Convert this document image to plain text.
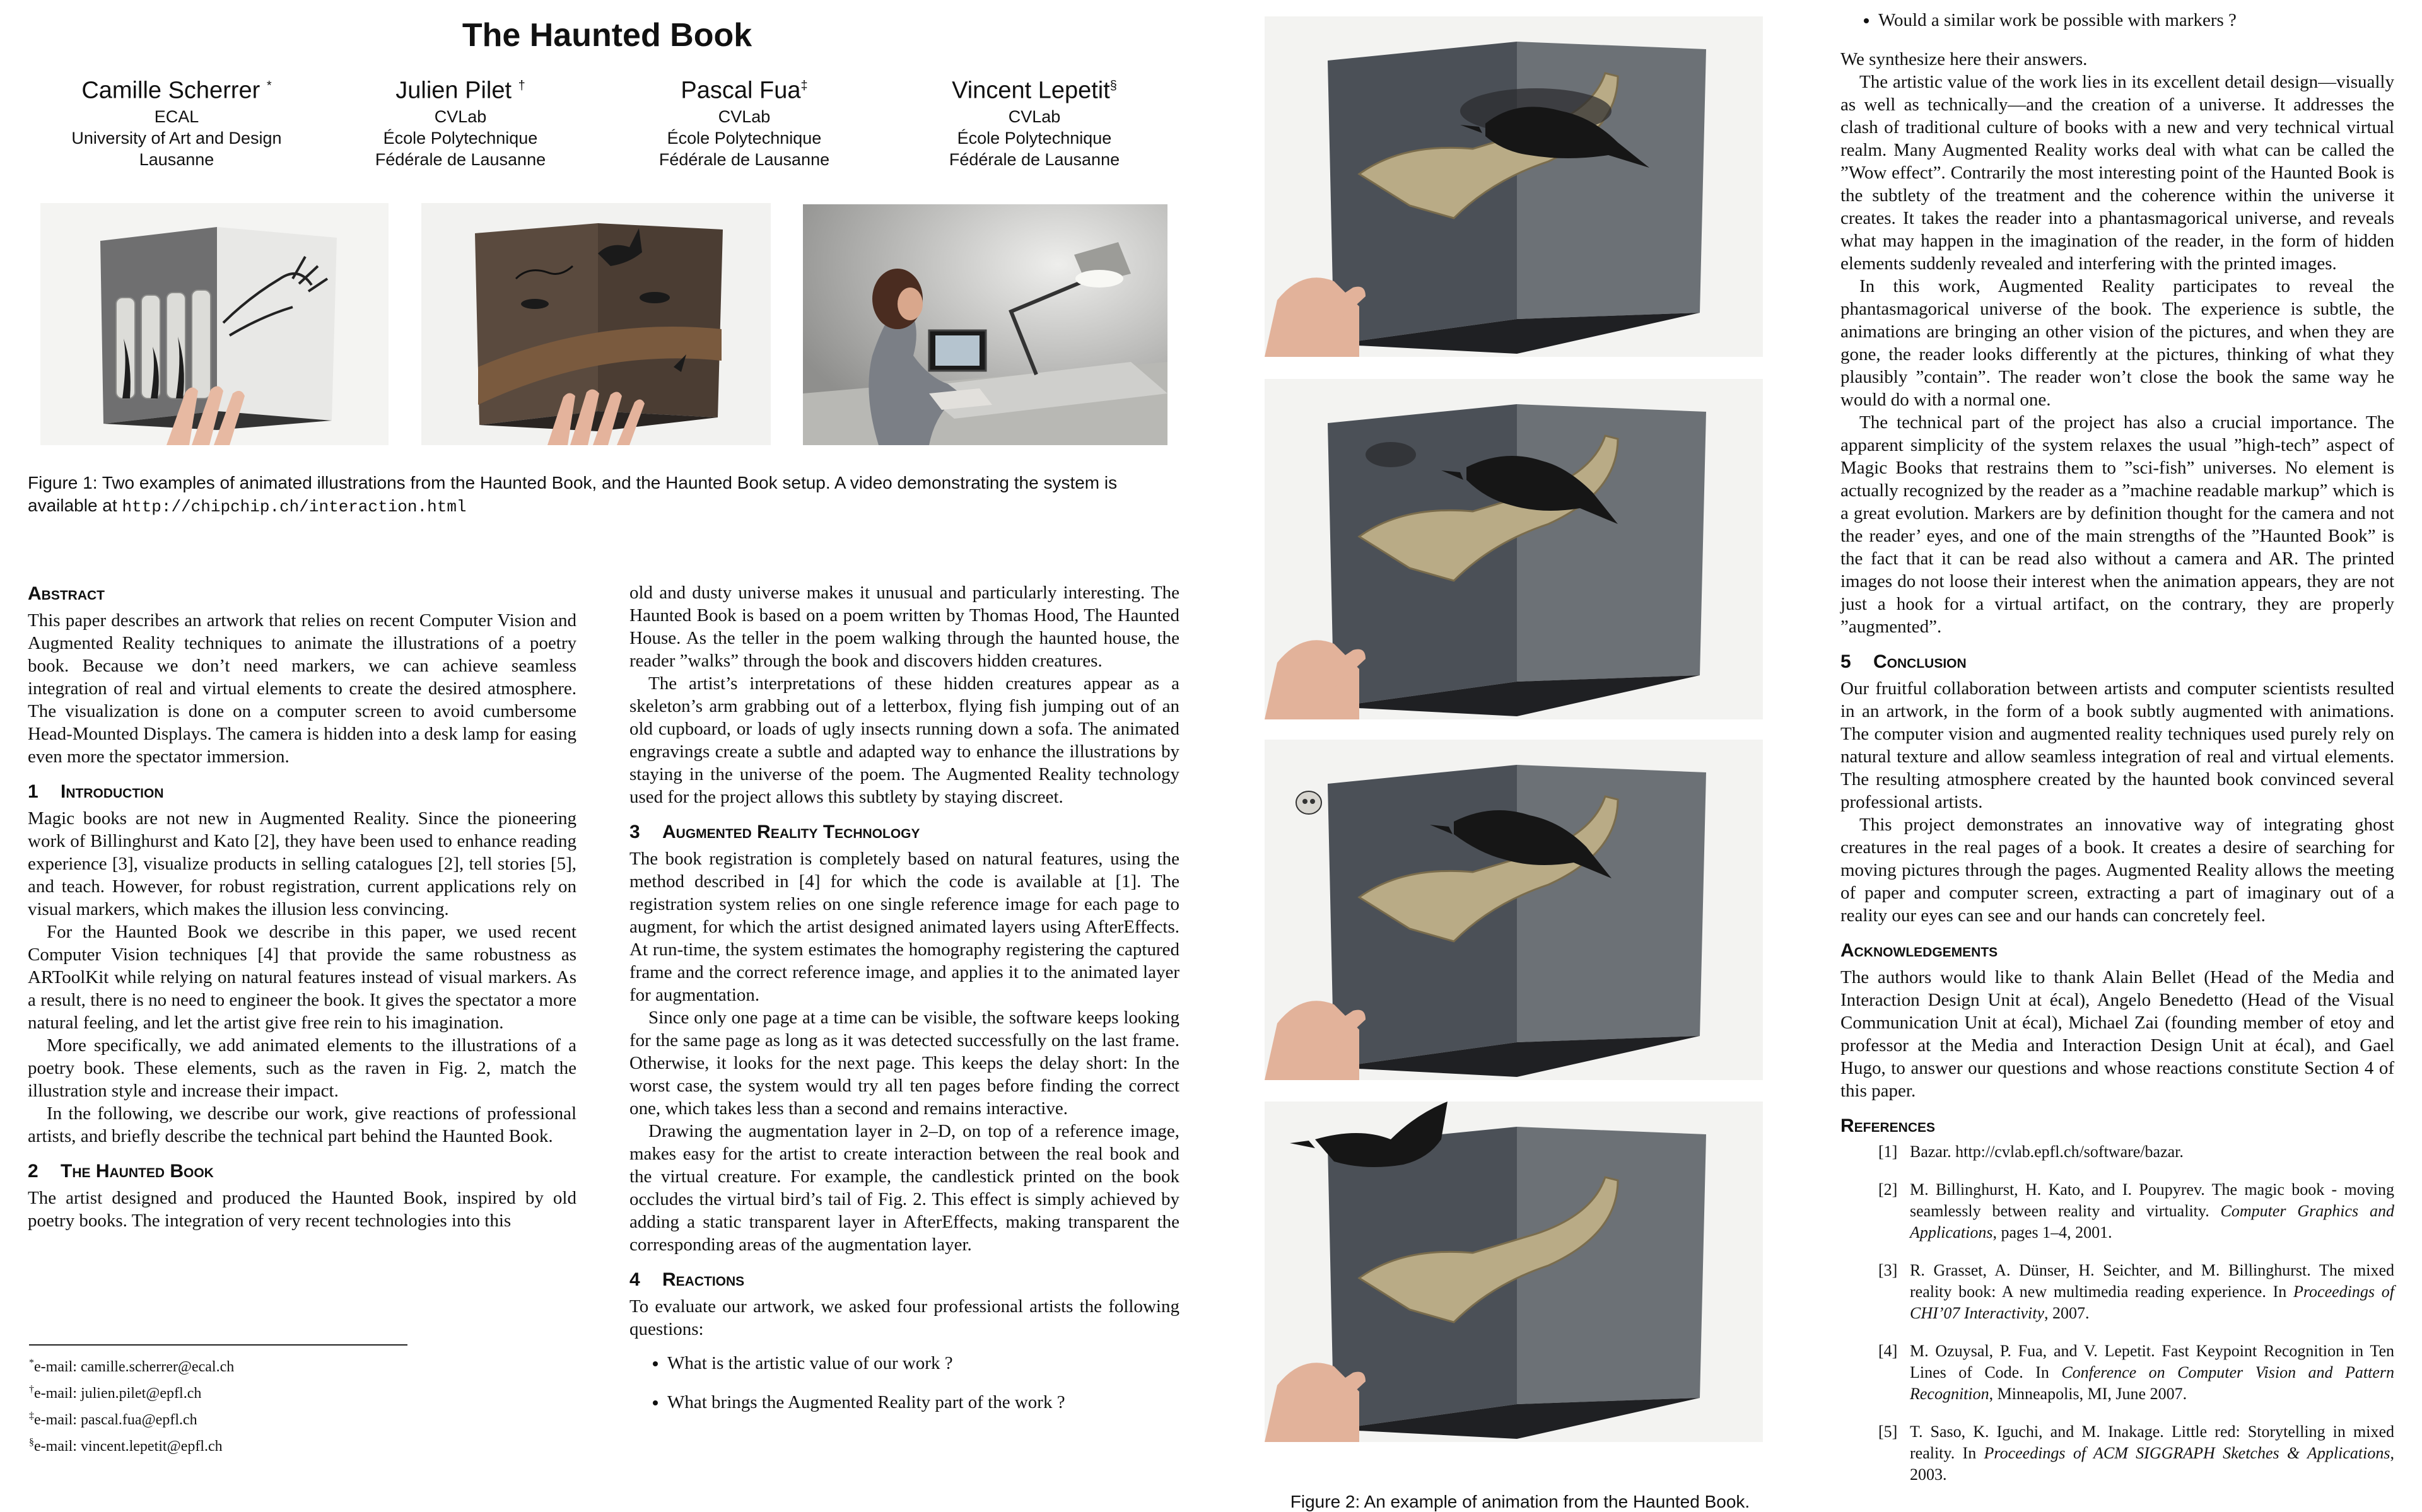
The Haunted Book
Camille Scherrer *
ECAL
University of Art and Design
Lausanne
Julien Pilet †
CVLab
École Polytechnique
Fédérale de Lausanne
Pascal Fua‡
CVLab
École Polytechnique
Fédérale de Lausanne
Vincent Lepetit§
CVLab
École Polytechnique
Fédérale de Lausanne
Figure 1: Two examples of animated illustrations from the Haunted Book, and the Haunted Book setup. A video demonstrating the system is available at http://chipchip.ch/interaction.html
Abstract

This paper describes an artwork that relies on recent Computer Vision and Augmented Reality techniques to animate the illustrations of a poetry book. Because we don’t need markers, we can achieve seamless integration of real and virtual elements to create the desired atmosphere. The visualization is done on a computer screen to avoid cumbersome Head-Mounted Displays. The camera is hidden into a desk lamp for easing even more the spectator immersion.

1 Introduction

Magic books are not new in Augmented Reality. Since the pioneering work of Billinghurst and Kato [2], they have been used to enhance reading experience [3], visualize products in selling catalogues [2], tell stories [5], and teach. However, for robust registration, current applications rely on visual markers, which makes the illusion less convincing.

For the Haunted Book we describe in this paper, we used recent Computer Vision techniques [4] that provide the same robustness as ARToolKit while relying on natural features instead of visual markers. As a result, there is no need to engineer the book. It gives the spectator a more natural feeling, and let the artist give free rein to his imagination.

More specifically, we add animated elements to the illustrations of a poetry book. These elements, such as the raven in Fig. 2, match the illustration style and increase their impact.

In the following, we describe our work, give reactions of professional artists, and briefly describe the technical part behind the Haunted Book.

2 The Haunted Book

The artist designed and produced the Haunted Book, inspired by old poetry books. The integration of very recent technologies into this

*e-mail: camille.scherrer@ecal.ch
†e-mail: julien.pilet@epfl.ch
‡e-mail: pascal.fua@epfl.ch
§e-mail: vincent.lepetit@epfl.ch

old and dusty universe makes it unusual and particularly interesting. The Haunted Book is based on a poem written by Thomas Hood, The Haunted House. As the teller in the poem walking through the haunted house, the reader ”walks” through the book and discovers hidden creatures.

The artist’s interpretations of these hidden creatures appear as a skeleton’s arm grabbing out of a letterbox, flying fish jumping out of an old cupboard, or loads of ugly insects running down a sofa. The animated engravings create a subtle and adapted way to enhance the illustrations by staying in the universe of the poem. The Augmented Reality technology used for the project allows this subtlety by staying discreet.

3 Augmented Reality Technology

The book registration is completely based on natural features, using the method described in [4] for which the code is available at [1]. The registration system relies on one single reference image for each page to augment, for which the artist designed animated layers using AfterEffects. At run-time, the system estimates the homography registering the captured frame and the correct reference image, and applies it to the animated layer for augmentation.

Since only one page at a time can be visible, the software keeps looking for the same page as long as it was detected successfully on the last frame. Otherwise, it looks for the next page. This keeps the delay short: In the worst case, the system would try all ten pages before finding the correct one, which takes less than a second and remains interactive.

Drawing the augmentation layer in 2–D, on top of a reference image, makes easy for the artist to create interaction between the real book and the virtual creature. For example, the candlestick printed on the book occludes the virtual bird’s tail of Fig. 2. This effect is simply achieved by adding a static transparent layer in AfterEffects, making transparent the corresponding areas of the augmentation layer.

4 Reactions

To evaluate our artwork, we asked four professional artists the following questions:

• What is the artistic value of our work ?
• What brings the Augmented Reality part of the work ?
• Would a similar work be possible with markers ?

We synthesize here their answers.

The artistic value of the work lies in its excellent detail design—visually as well as technically—and the creation of a universe. It addresses the clash of traditional culture of books with a new and very technical virtual realm. Many Augmented Reality works deal with what can be called the ”Wow effect”. Contrarily the most interesting point of the Haunted Book is the subtlety of the treatment and the coherence within the universe it creates. It takes the reader into a phantasmagorical universe, and reveals what may happen in the imagination of the reader, in the form of hidden elements suddenly revealed and interfering with the printed images.

In this work, Augmented Reality participates to reveal the phantasmagorical universe of the book. The experience is subtle, the animations are bringing an other vision of the pictures, and when they are gone, the reader looks differently at the pictures, thinking of what they plausibly ”contain”. The reader won’t close the book the same way he would do with a normal one.

The technical part of the project has also a crucial importance. The apparent simplicity of the system relaxes the usual ”high-tech” aspect of Magic Books that restrains them to ”sci-fish” universes. No element is actually recognized by the reader as a ”machine readable markup” which is a great evolution. Markers are by definition thought for the camera and not the reader’ eyes, and one of the main strengths of the ”Haunted Book” is the fact that it can be read also without a camera and AR. The printed images do not loose their interest when the animation appears, they are not just a hook for a virtual artifact, on the contrary, they are properly ”augmented”.

5 Conclusion

Our fruitful collaboration between artists and computer scientists resulted in an artwork, in the form of a book subtly augmented with animations. The computer vision and augmented reality techniques used purely rely on natural texture and allow seamless integration of real and virtual elements. The resulting atmosphere created by the haunted book convinced several professional artists.

This project demonstrates an innovative way of integrating ghost creatures in the real pages of a book. It creates a desire of searching for moving pictures through the pages. Augmented Reality allows the meeting of paper and computer screen, extracting a part of imaginary out of a reality our eyes can see and our hands can concretely feel.

Acknowledgements

The authors would like to thank Alain Bellet (Head of the Media and Interaction Design Unit at écal), Angelo Benedetto (Head of the Visual Communication Unit at écal), Michael Zai (founding member of etoy and professor at the Media and Interaction Design Unit at écal), and Gael Hugo, to answer our questions and whose reactions constitute Section 4 of this paper.

References
[1] Bazar. http://cvlab.epfl.ch/software/bazar.
[2] M. Billinghurst, H. Kato, and I. Poupyrev. The magic book - moving seamlessly between reality and virtuality. Computer Graphics and Applications, pages 1–4, 2001.
[3] R. Grasset, A. Dünser, H. Seichter, and M. Billinghurst. The mixed reality book: A new multimedia reading experience. In Proceedings of CHI’07 Interactivity, 2007.
[4] M. Ozuysal, P. Fua, and V. Lepetit. Fast Keypoint Recognition in Ten Lines of Code. In Conference on Computer Vision and Pattern Recognition, Minneapolis, MI, June 2007.
[5] T. Saso, K. Iguchi, and M. Inakage. Little red: Storytelling in mixed reality. In Proceedings of ACM SIGGRAPH Sketches & Applications, 2003.
Figure 2: An example of animation from the Haunted Book.
